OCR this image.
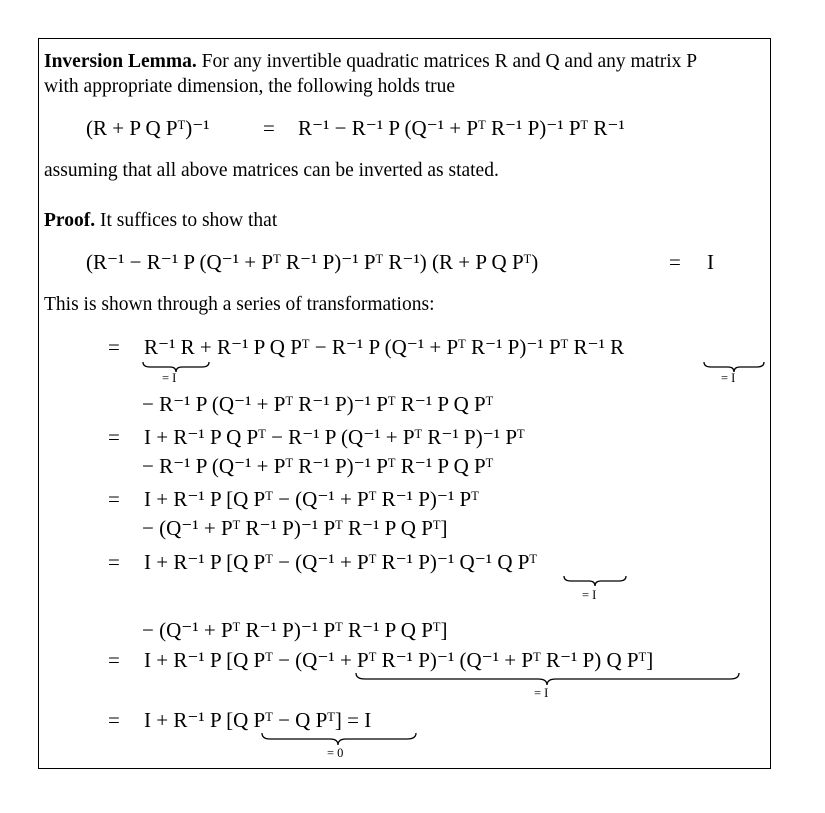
Inversion Lemma. For any invertible quadratic matrices R and Q and any matrix P
with appropriate dimension, the following holds true
(R + P Q Pᵀ)⁻¹	= R⁻¹ − R⁻¹ P (Q⁻¹ + Pᵀ R⁻¹ P)⁻¹ Pᵀ R⁻¹
assuming that all above matrices can be inverted as stated.
Proof. It suffices to show that
(R⁻¹ − R⁻¹ P (Q⁻¹ + Pᵀ R⁻¹ P)⁻¹ Pᵀ R⁻¹) (R + P Q Pᵀ)	= I
This is shown through a series of transformations:
= R⁻¹ R + R⁻¹ P Q Pᵀ − R⁻¹ P (Q⁻¹ + Pᵀ R⁻¹ P)⁻¹ Pᵀ R⁻¹ R
= I	= I
− R⁻¹ P (Q⁻¹ + Pᵀ R⁻¹ P)⁻¹ Pᵀ R⁻¹ P Q Pᵀ
= I + R⁻¹ P Q Pᵀ − R⁻¹ P (Q⁻¹ + Pᵀ R⁻¹ P)⁻¹ Pᵀ
− R⁻¹ P (Q⁻¹ + Pᵀ R⁻¹ P)⁻¹ Pᵀ R⁻¹ P Q Pᵀ
= I + R⁻¹ P [Q Pᵀ − (Q⁻¹ + Pᵀ R⁻¹ P)⁻¹ Pᵀ
− (Q⁻¹ + Pᵀ R⁻¹ P)⁻¹ Pᵀ R⁻¹ P Q Pᵀ]
= I + R⁻¹ P [Q Pᵀ − (Q⁻¹ + Pᵀ R⁻¹ P)⁻¹ Q⁻¹ Q Pᵀ
= I
− (Q⁻¹ + Pᵀ R⁻¹ P)⁻¹ Pᵀ R⁻¹ P Q Pᵀ]
= I + R⁻¹ P [Q Pᵀ − (Q⁻¹ + Pᵀ R⁻¹ P)⁻¹ (Q⁻¹ + Pᵀ R⁻¹ P) Q Pᵀ]
= I
= I + R⁻¹ P [Q Pᵀ − Q Pᵀ] = I
= 0
